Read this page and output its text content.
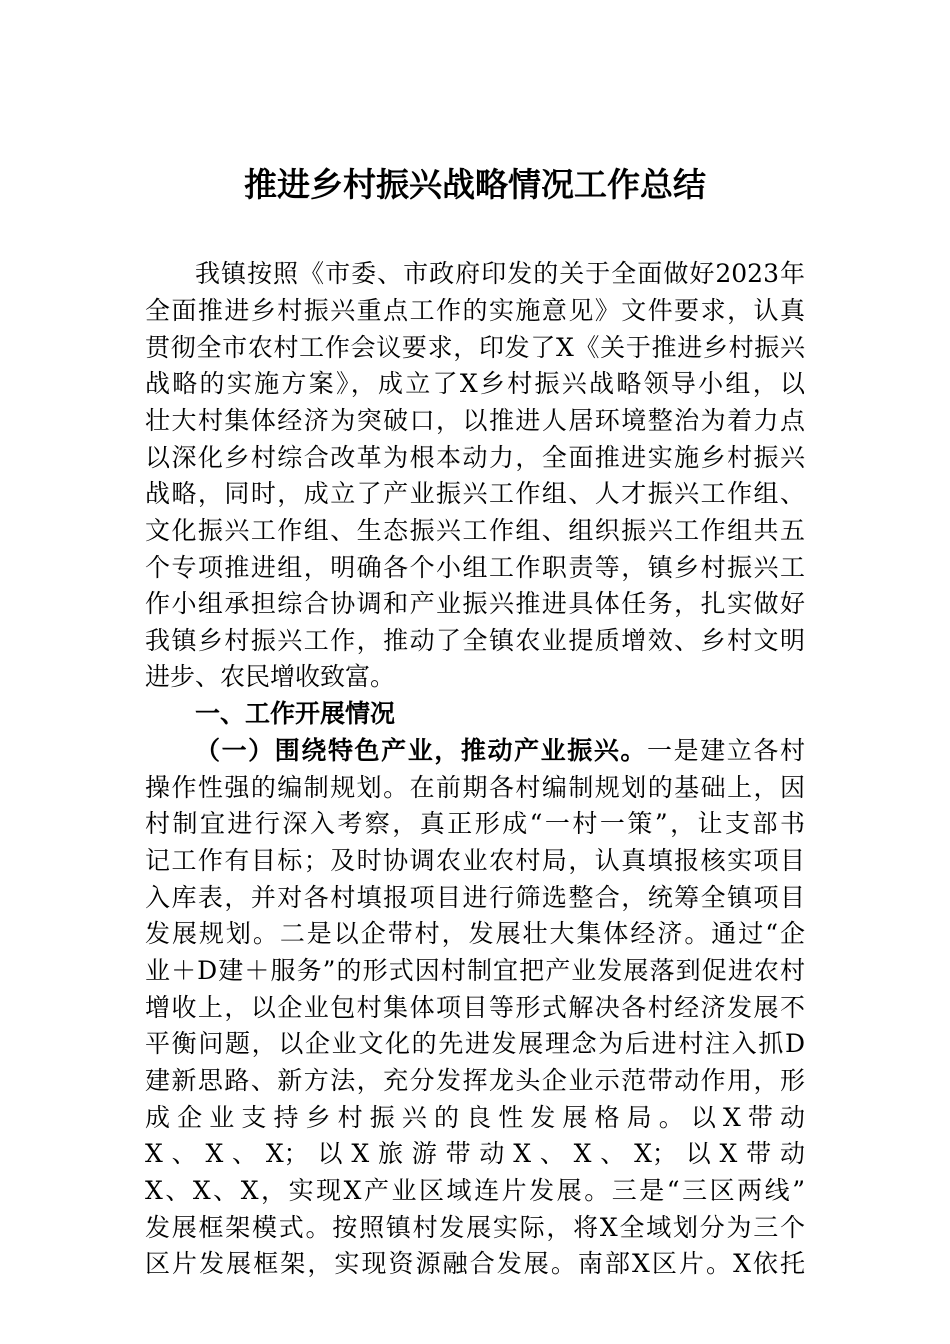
推进乡村振兴战略情况工作总结
我镇按照《市委、市政府印发的关于全面做好2023年
全面推进乡村振兴重点工作的实施意见》文件要求，认真
贯彻全市农村工作会议要求，印发了X《关于推进乡村振兴
战略的实施方案》，成立了X乡村振兴战略领导小组，以
壮大村集体经济为突破口，以推进人居环境整治为着力点
以深化乡村综合改革为根本动力，全面推进实施乡村振兴
战略，同时，成立了产业振兴工作组、人才振兴工作组、
文化振兴工作组、生态振兴工作组、组织振兴工作组共五
个专项推进组，明确各个小组工作职责等，镇乡村振兴工
作小组承担综合协调和产业振兴推进具体任务，扎实做好
我镇乡村振兴工作，推动了全镇农业提质增效、乡村文明
进步、农民增收致富。
一、工作开展情况
（一）围绕特色产业，推动产业振兴。一是建立各村
操作性强的编制规划。在前期各村编制规划的基础上，因
村制宜进行深入考察，真正形成“一村一策”，让支部书
记工作有目标；及时协调农业农村局，认真填报核实项目
入库表，并对各村填报项目进行筛选整合，统筹全镇项目
发展规划。二是以企带村，发展壮大集体经济。通过“企
业＋D建＋服务”的形式因村制宜把产业发展落到促进农村
增收上，以企业包村集体项目等形式解决各村经济发展不
平衡问题，以企业文化的先进发展理念为后进村注入抓D
建新思路、新方法，充分发挥龙头企业示范带动作用，形
成企业支持乡村振兴的良性发展格局。以X带动
X、X、X；以X旅游带动X、X、X；以X带动
X、X、X，实现X产业区域连片发展。三是“三区两线”
发展框架模式。按照镇村发展实际，将X全域划分为三个
区片发展框架，实现资源融合发展。南部X区片。X依托
